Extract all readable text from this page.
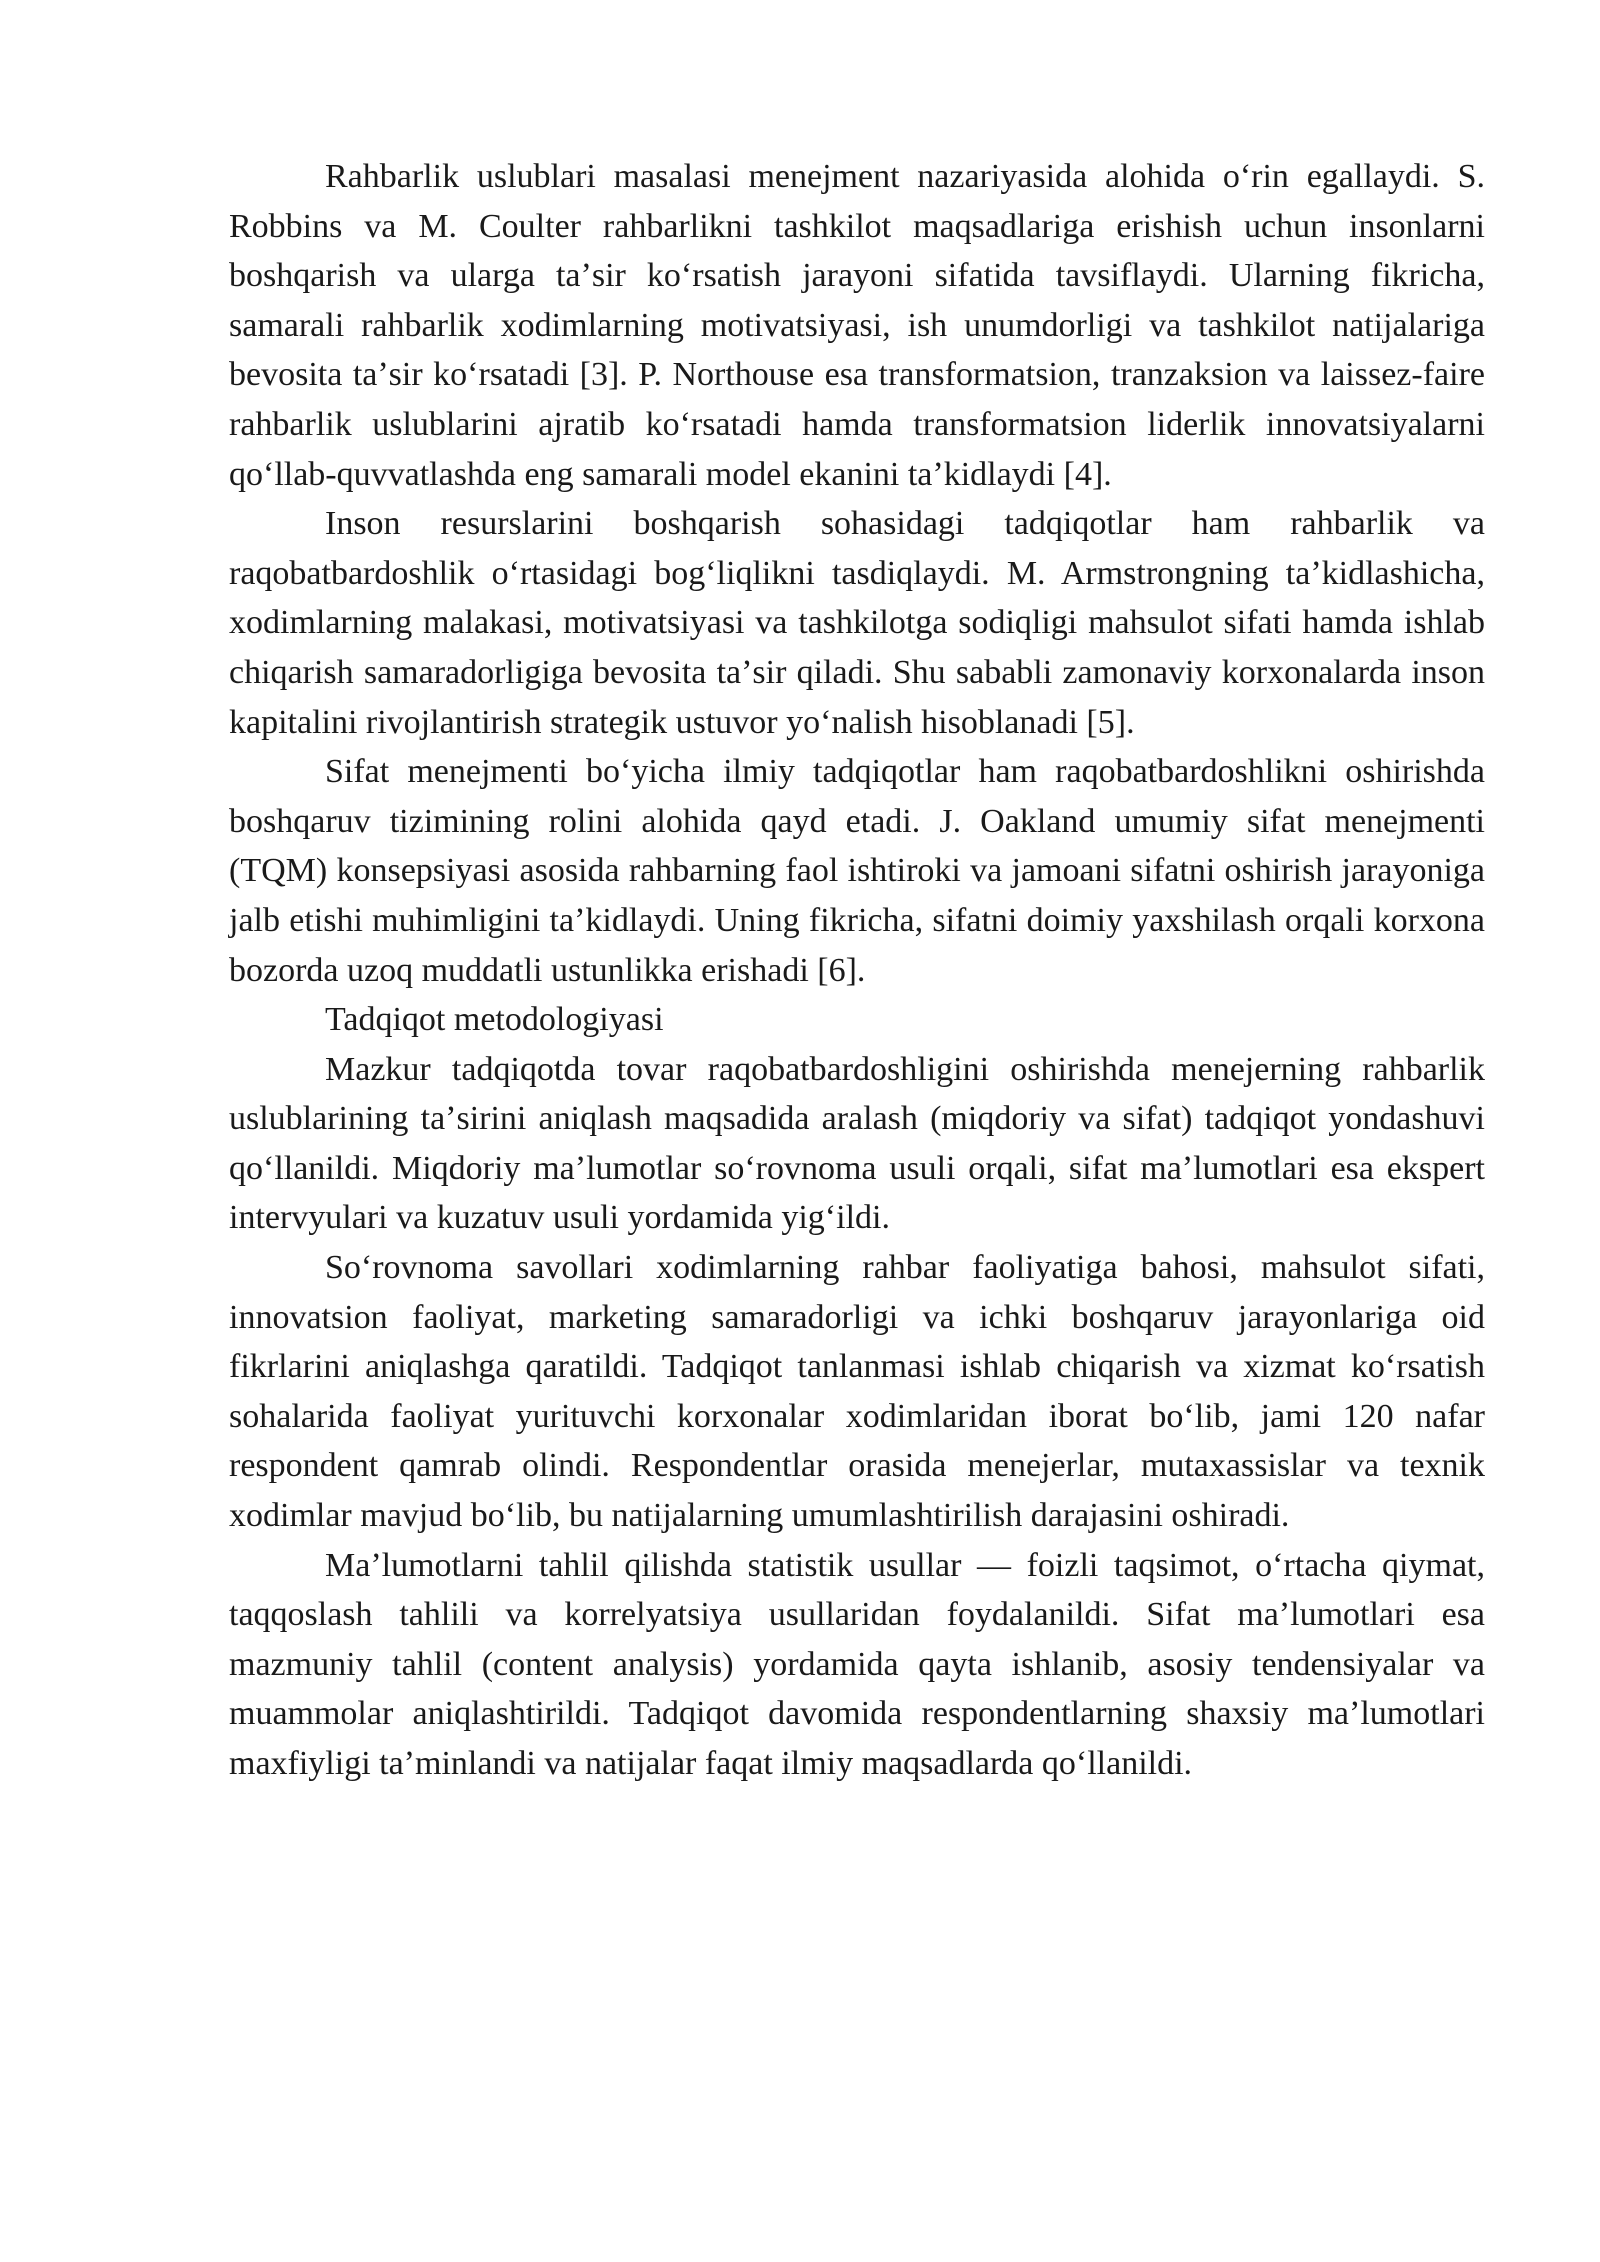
Rahbarlik uslublari masalasi menejment nazariyasida alohida oʻrin egallaydi. S. Robbins va M. Coulter rahbarlikni tashkilot maqsadlariga erishish uchun insonlarni boshqarish va ularga taʼsir koʻrsatish jarayoni sifatida tavsiflaydi. Ularning fikricha, samarali rahbarlik xodimlarning motivatsiyasi, ish unumdorligi va tashkilot natijalariga bevosita taʼsir koʻrsatadi [3]. P. Northouse esa transformatsion, tranzaksion va laissez-faire rahbarlik uslublarini ajratib koʻrsatadi hamda transformatsion liderlik innovatsiyalarni qoʻllab-quvvatlashda eng samarali model ekanini taʼkidlaydi [4].

Inson resurslarini boshqarish sohasidagi tadqiqotlar ham rahbarlik va raqobatbardoshlik oʻrtasidagi bogʻliqlikni tasdiqlaydi. M. Armstrongning taʼkidlashicha, xodimlarning malakasi, motivatsiyasi va tashkilotga sodiqligi mahsulot sifati hamda ishlab chiqarish samaradorligiga bevosita taʼsir qiladi. Shu sababli zamonaviy korxonalarda inson kapitalini rivojlantirish strategik ustuvor yoʻnalish hisoblanadi [5].

Sifat menejmenti boʻyicha ilmiy tadqiqotlar ham raqobatbardoshlikni oshirishda boshqaruv tizimining rolini alohida qayd etadi. J. Oakland umumiy sifat menejmenti (TQM) konsepsiyasi asosida rahbarning faol ishtiroki va jamoani sifatni oshirish jarayoniga jalb etishi muhimligini taʼkidlaydi. Uning fikricha, sifatni doimiy yaxshilash orqali korxona bozorda uzoq muddatli ustunlikka erishadi [6].

Tadqiqot metodologiyasi

Mazkur tadqiqotda tovar raqobatbardoshligini oshirishda menejerning rahbarlik uslublarining taʼsirini aniqlash maqsadida aralash (miqdoriy va sifat) tadqiqot yondashuvi qoʻllanildi. Miqdoriy maʼlumotlar soʻrovnoma usuli orqali, sifat maʼlumotlari esa ekspert intervyulari va kuzatuv usuli yordamida yigʻildi.

Soʻrovnoma savollari xodimlarning rahbar faoliyatiga bahosi, mahsulot sifati, innovatsion faoliyat, marketing samaradorligi va ichki boshqaruv jarayonlariga oid fikrlarini aniqlashga qaratildi. Tadqiqot tanlanmasi ishlab chiqarish va xizmat koʻrsatish sohalarida faoliyat yurituvchi korxonalar xodimlaridan iborat boʻlib, jami 120 nafar respondent qamrab olindi. Respondentlar orasida menejerlar, mutaxassislar va texnik xodimlar mavjud boʻlib, bu natijalarning umumlashtirilish darajasini oshiradi.

Maʼlumotlarni tahlil qilishda statistik usullar — foizli taqsimot, oʻrtacha qiymat, taqqoslash tahlili va korrelyatsiya usullaridan foydalanildi. Sifat maʼlumotlari esa mazmuniy tahlil (content analysis) yordamida qayta ishlanib, asosiy tendensiyalar va muammolar aniqlashtirildi. Tadqiqot davomida respondentlarning shaxsiy maʼlumotlari maxfiyligi taʼminlandi va natijalar faqat ilmiy maqsadlarda qoʻllanildi.
